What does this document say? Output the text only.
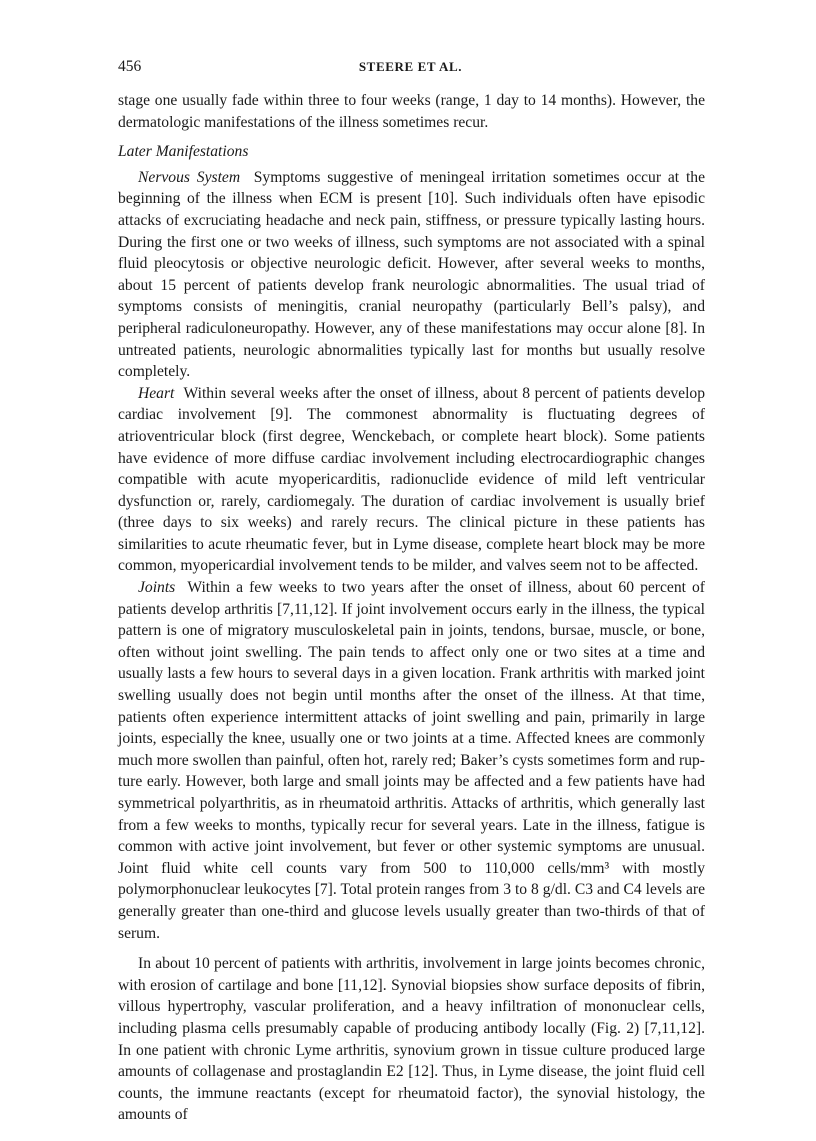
456	STEERE ET AL.

stage one usually fade within three to four weeks (range, 1 day to 14 months). However, the dermatologic manifestations of the illness sometimes recur.

Later Manifestations

Nervous System Symptoms suggestive of meningeal irritation sometimes occur at the beginning of the illness when ECM is present [10]. Such individuals often have episodic attacks of excruciating headache and neck pain, stiffness, or pressure typically lasting hours. During the first one or two weeks of illness, such symptoms are not associated with a spinal fluid pleocytosis or objective neurologic deficit. However, after several weeks to months, about 15 percent of patients develop frank neurologic abnormalities. The usual triad of symptoms consists of meningitis, cranial neuropathy (particularly Bell’s palsy), and peripheral radiculoneuropathy. However, any of these manifestations may occur alone [8]. In untreated patients, neurologic abnormalities typically last for months but usually resolve completely.

Heart Within several weeks after the onset of illness, about 8 percent of patients develop cardiac involvement [9]. The commonest abnormality is fluctuating degrees of atrioventricular block (first degree, Wenckebach, or complete heart block). Some patients have evidence of more diffuse cardiac involvement including electrocardiographic changes compatible with acute myopericarditis, radionuclide evidence of mild left ventricular dysfunction or, rarely, cardiomegaly. The duration of cardiac involvement is usually brief (three days to six weeks) and rarely recurs. The clinical picture in these patients has similarities to acute rheumatic fever, but in Lyme disease, complete heart block may be more common, myopericardial involvement tends to be milder, and valves seem not to be affected.

Joints Within a few weeks to two years after the onset of illness, about 60 percent of patients develop arthritis [7,11,12]. If joint involvement occurs early in the illness, the typical pattern is one of migratory musculoskeletal pain in joints, tendons, bursae, muscle, or bone, often without joint swelling. The pain tends to affect only one or two sites at a time and usually lasts a few hours to several days in a given location. Frank arthritis with marked joint swelling usually does not begin until months after the onset of the illness. At that time, patients often experience intermittent attacks of joint swelling and pain, primarily in large joints, especially the knee, usually one or two joints at a time. Affected knees are commonly much more swollen than painful, often hot, rarely red; Baker’s cysts sometimes form and rupture early. However, both large and small joints may be affected and a few patients have had symmetrical polyarthritis, as in rheumatoid arthritis. Attacks of arthritis, which generally last from a few weeks to months, typically recur for several years. Late in the illness, fatigue is common with active joint involvement, but fever or other systemic symptoms are unusual. Joint fluid white cell counts vary from 500 to 110,000 cells/mm³ with mostly polymorphonuclear leukocytes [7]. Total protein ranges from 3 to 8 g/dl. C3 and C4 levels are generally greater than one-third and glucose levels usually greater than two-thirds of that of serum.

In about 10 percent of patients with arthritis, involvement in large joints becomes chronic, with erosion of cartilage and bone [11,12]. Synovial biopsies show surface deposits of fibrin, villous hypertrophy, vascular proliferation, and a heavy infiltration of mononuclear cells, including plasma cells presumably capable of producing antibody locally (Fig. 2) [7,11,12]. In one patient with chronic Lyme arthritis, synovium grown in tissue culture produced large amounts of collagenase and prostaglandin E2 [12]. Thus, in Lyme disease, the joint fluid cell counts, the immune reactants (except for rheumatoid factor), the synovial histology, the amounts of
